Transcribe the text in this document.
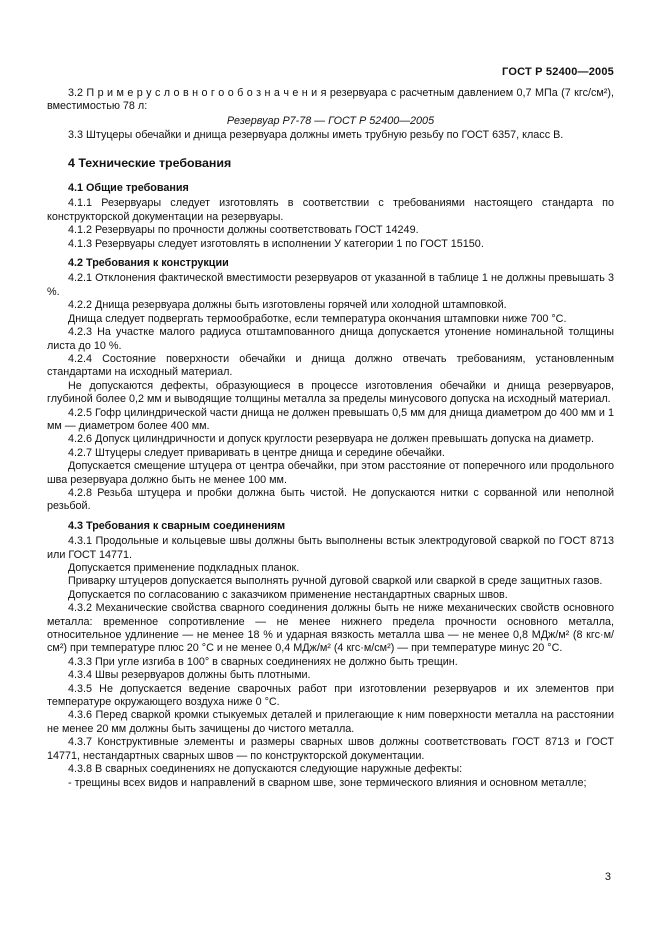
ГОСТ Р 52400—2005

3.2 П р и м е р у с л о в н о г о о б о з н а ч е н и я резервуара с расчетным давлением 0,7 МПа (7 кгс/см²), вместимостью 78 л:

Резервуар Р7-78 — ГОСТ Р 52400—2005

3.3 Штуцеры обечайки и днища резервуара должны иметь трубную резьбу по ГОСТ 6357, класс В.

4 Технические требования
4.1 Общие требования

4.1.1 Резервуары следует изготовлять в соответствии с требованиями настоящего стандарта по конструкторской документации на резервуары.

4.1.2 Резервуары по прочности должны соответствовать ГОСТ 14249.

4.1.3 Резервуары следует изготовлять в исполнении У категории 1 по ГОСТ 15150.

4.2 Требования к конструкции

4.2.1 Отклонения фактической вместимости резервуаров от указанной в таблице 1 не должны превышать 3 %.

4.2.2 Днища резервуара должны быть изготовлены горячей или холодной штамповкой.

Днища следует подвергать термообработке, если температура окончания штамповки ниже 700 °С.

4.2.3 На участке малого радиуса отштампованного днища допускается утонение номинальной толщины листа до 10 %.

4.2.4 Состояние поверхности обечайки и днища должно отвечать требованиям, установленным стандартами на исходный материал.

Не допускаются дефекты, образующиеся в процессе изготовления обечайки и днища резервуаров, глубиной более 0,2 мм и выводящие толщины металла за пределы минусового допуска на исходный материал.

4.2.5 Гофр цилиндрической части днища не должен превышать 0,5 мм для днища диаметром до 400 мм и 1 мм — диаметром более 400 мм.

4.2.6 Допуск цилиндричности и допуск круглости резервуара не должен превышать допуска на диаметр.

4.2.7 Штуцеры следует приваривать в центре днища и середине обечайки.

Допускается смещение штуцера от центра обечайки, при этом расстояние от поперечного или продольного шва резервуара должно быть не менее 100 мм.

4.2.8 Резьба штуцера и пробки должна быть чистой. Не допускаются нитки с сорванной или неполной резьбой.

4.3 Требования к сварным соединениям

4.3.1 Продольные и кольцевые швы должны быть выполнены встык электродуговой сваркой по ГОСТ 8713 или ГОСТ 14771.

Допускается применение подкладных планок.

Приварку штуцеров допускается выполнять ручной дуговой сваркой или сваркой в среде защитных газов.

Допускается по согласованию с заказчиком применение нестандартных сварных швов.

4.3.2 Механические свойства сварного соединения должны быть не ниже механических свойств основного металла: временное сопротивление — не менее нижнего предела прочности основного металла, относительное удлинение — не менее 18 % и ударная вязкость металла шва — не менее 0,8 МДж/м² (8 кгс·м/см²) при температуре плюс 20 °С и не менее 0,4 МДж/м² (4 кгс·м/см²) — при температуре минус 20 °С.

4.3.3 При угле изгиба в 100° в сварных соединениях не должно быть трещин.

4.3.4 Швы резервуаров должны быть плотными.

4.3.5 Не допускается ведение сварочных работ при изготовлении резервуаров и их элементов при температуре окружающего воздуха ниже 0 °С.

4.3.6 Перед сваркой кромки стыкуемых деталей и прилегающие к ним поверхности металла на расстоянии не менее 20 мм должны быть зачищены до чистого металла.

4.3.7 Конструктивные элементы и размеры сварных швов должны соответствовать ГОСТ 8713 и ГОСТ 14771, нестандартных сварных швов — по конструкторской документации.

4.3.8 В сварных соединениях не допускаются следующие наружные дефекты:

- трещины всех видов и направлений в сварном шве, зоне термического влияния и основном металле;

3
